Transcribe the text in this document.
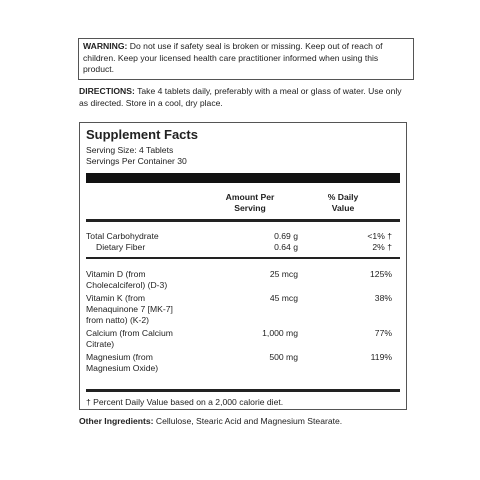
WARNING: Do not use if safety seal is broken or missing. Keep out of reach of children. Keep your licensed health care practitioner informed when using this product.
DIRECTIONS: Take 4 tablets daily, preferably with a meal or glass of water. Use only as directed. Store in a cool, dry place.
Supplement Facts
Serving Size: 4 Tablets
Servings Per Container 30
Amount Per
Serving
% Daily
Value
Total Carbohydrate	0.69 g	<1% †
Dietary Fiber	0.64 g	2% †
Vitamin D (from
Cholecalciferol) (D-3)
25 mcg	125%
Vitamin K (from
Menaquinone 7 [MK-7]
from natto) (K-2)
45 mcg	38%
Calcium (from Calcium
Citrate)
1,000 mg	77%
Magnesium (from
Magnesium Oxide)
500 mg	119%
† Percent Daily Value based on a 2,000 calorie diet.
Other Ingredients: Cellulose, Stearic Acid and Magnesium Stearate.
